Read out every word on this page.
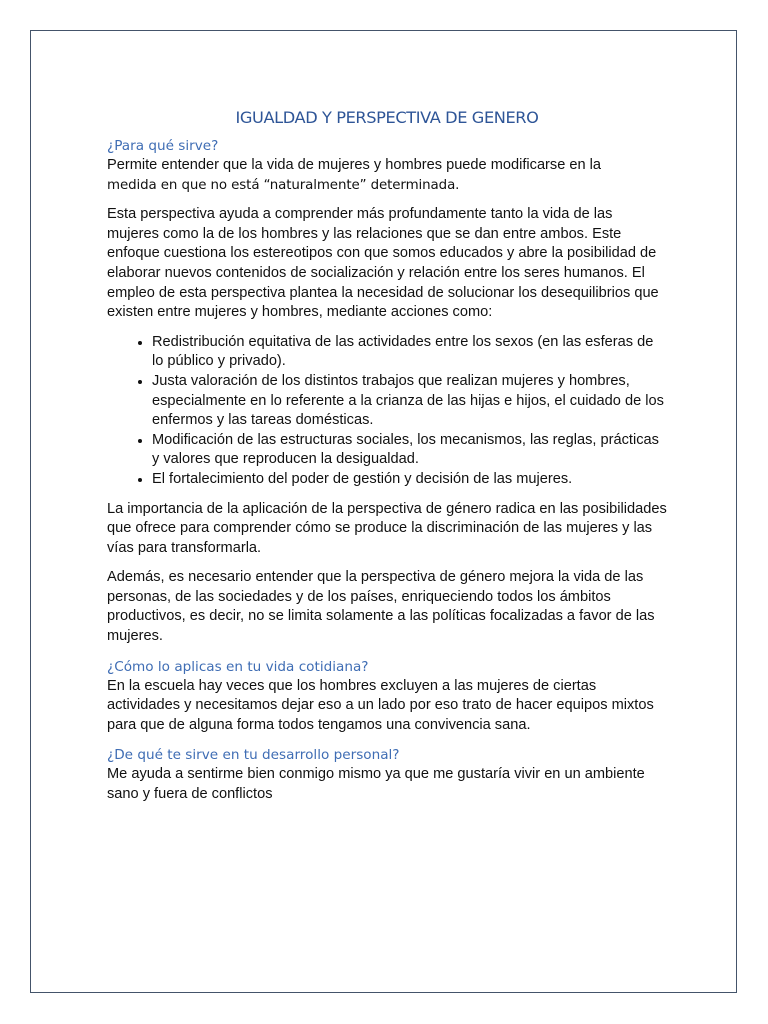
IGUALDAD Y PERSPECTIVA DE GENERO
¿Para qué sirve?

Permite entender que la vida de mujeres y hombres puede modificarse en la
medida en que no está “naturalmente” determinada.

Esta perspectiva ayuda a comprender más profundamente tanto la vida de las mujeres como la de los hombres y las relaciones que se dan entre ambos. Este enfoque cuestiona los estereotipos con que somos educados y abre la posibilidad de elaborar nuevos contenidos de socialización y relación entre los seres humanos. El empleo de esta perspectiva plantea la necesidad de solucionar los desequilibrios que existen entre mujeres y hombres, mediante acciones como:

• Redistribución equitativa de las actividades entre los sexos (en las esferas de lo público y privado).
• Justa valoración de los distintos trabajos que realizan mujeres y hombres, especialmente en lo referente a la crianza de las hijas e hijos, el cuidado de los enfermos y las tareas domésticas.
• Modificación de las estructuras sociales, los mecanismos, las reglas, prácticas y valores que reproducen la desigualdad.
• El fortalecimiento del poder de gestión y decisión de las mujeres.

La importancia de la aplicación de la perspectiva de género radica en las posibilidades que ofrece para comprender cómo se produce la discriminación de las mujeres y las vías para transformarla.

Además, es necesario entender que la perspectiva de género mejora la vida de las personas, de las sociedades y de los países, enriqueciendo todos los ámbitos productivos, es decir, no se limita solamente a las políticas focalizadas a favor de las mujeres.

¿Cómo lo aplicas en tu vida cotidiana?

En la escuela hay veces que los hombres excluyen a las mujeres de ciertas actividades y necesitamos dejar eso a un lado por eso trato de hacer equipos mixtos para que de alguna forma todos tengamos una convivencia sana.

¿De qué te sirve en tu desarrollo personal?

Me ayuda a sentirme bien conmigo mismo ya que me gustaría vivir en un ambiente sano y fuera de conflictos
